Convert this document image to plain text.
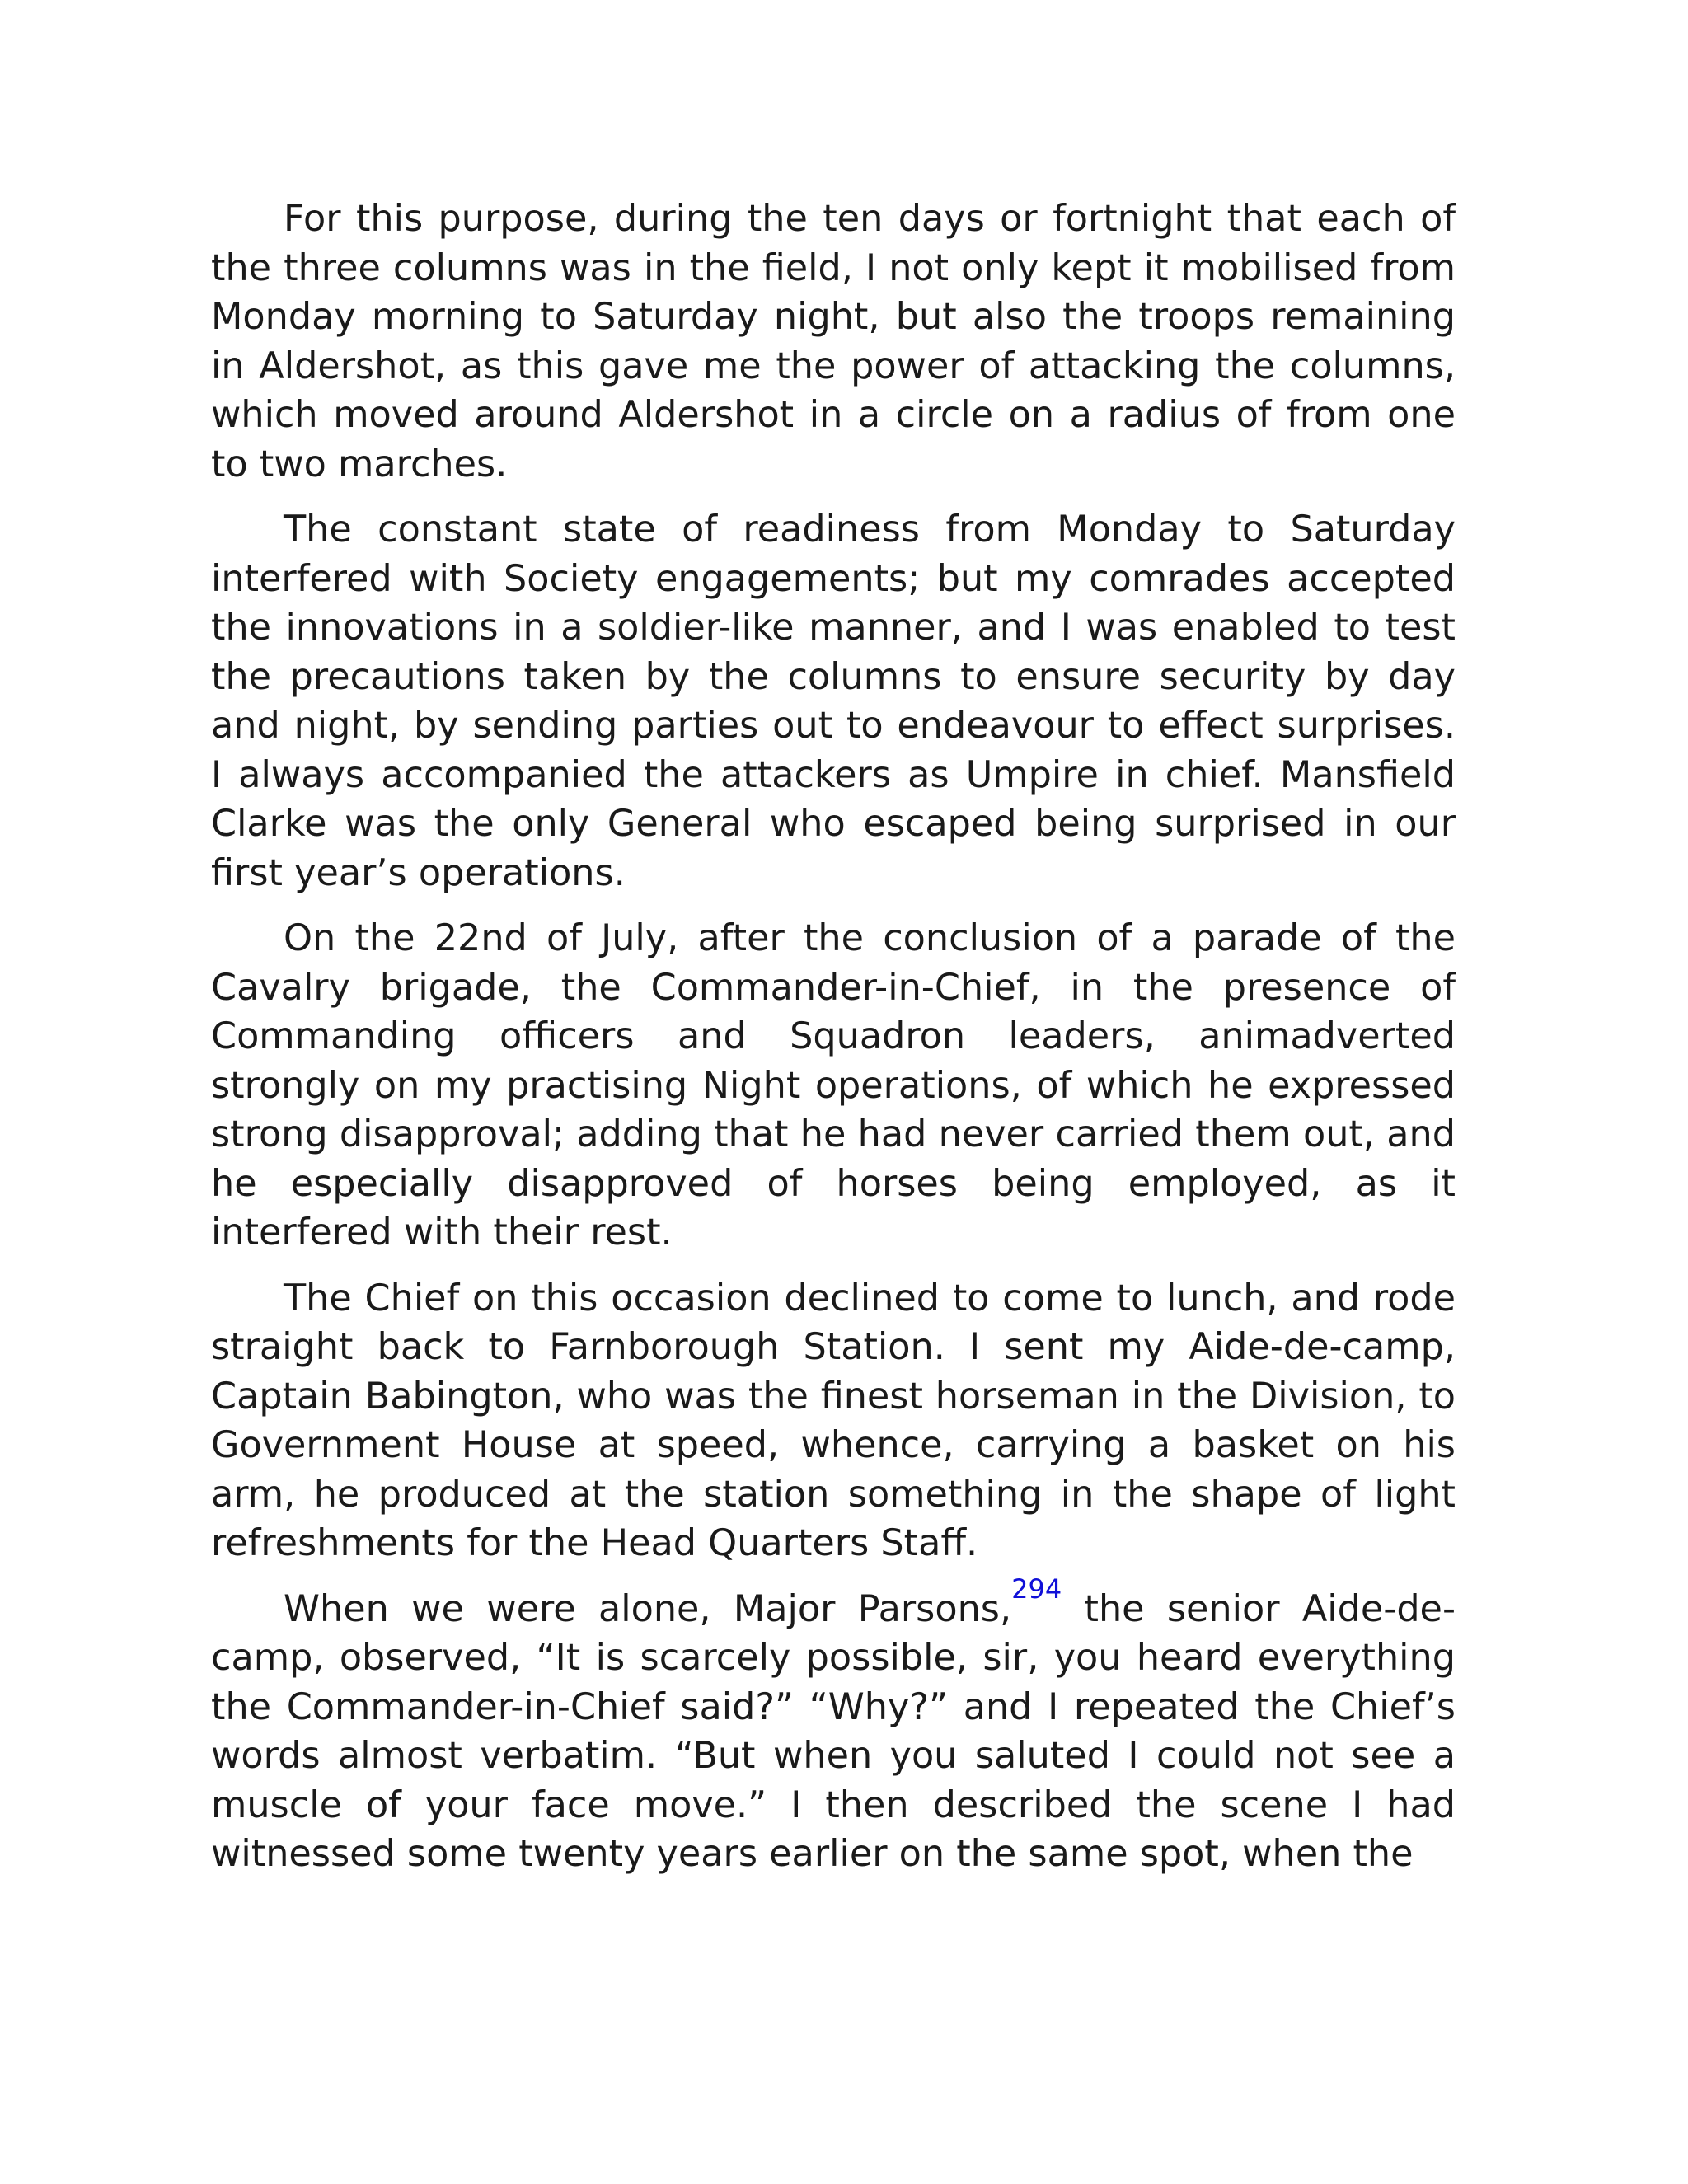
For this purpose, during the ten days or fortnight that each of the three columns was in the field, I not only kept it mobilised from Monday morning to Saturday night, but also the troops remaining in Aldershot, as this gave me the power of attacking the columns, which moved around Aldershot in a circle on a radius of from one to two marches.

The constant state of readiness from Monday to Saturday interfered with Society engagements; but my comrades accepted the innovations in a soldier-like manner, and I was enabled to test the precautions taken by the columns to ensure security by day and night, by sending parties out to endeavour to effect surprises. I always accompanied the attackers as Umpire in chief. Mansfield Clarke was the only General who escaped being surprised in our first year’s operations.

On the 22nd of July, after the conclusion of a parade of the Cavalry brigade, the Commander-in-Chief, in the presence of Commanding officers and Squadron leaders, animadverted strongly on my practising Night operations, of which he expressed strong disapproval; adding that he had never carried them out, and he especially disapproved of horses being employed, as it interfered with their rest.

The Chief on this occasion declined to come to lunch, and rode straight back to Farnborough Station. I sent my Aide-de-camp, Captain Babington, who was the finest horseman in the Division, to Government House at speed, whence, carrying a basket on his arm, he produced at the station something in the shape of light refreshments for the Head Quarters Staff.

When we were alone, Major Parsons,$^{294}$ the senior Aide-de-camp, observed, “It is scarcely possible, sir, you heard everything the Commander-in-Chief said?” “Why?” and I repeated the Chief’s words almost verbatim. “But when you saluted I could not see a muscle of your face move.” I then described the scene I had witnessed some twenty years earlier on the same spot, when the
